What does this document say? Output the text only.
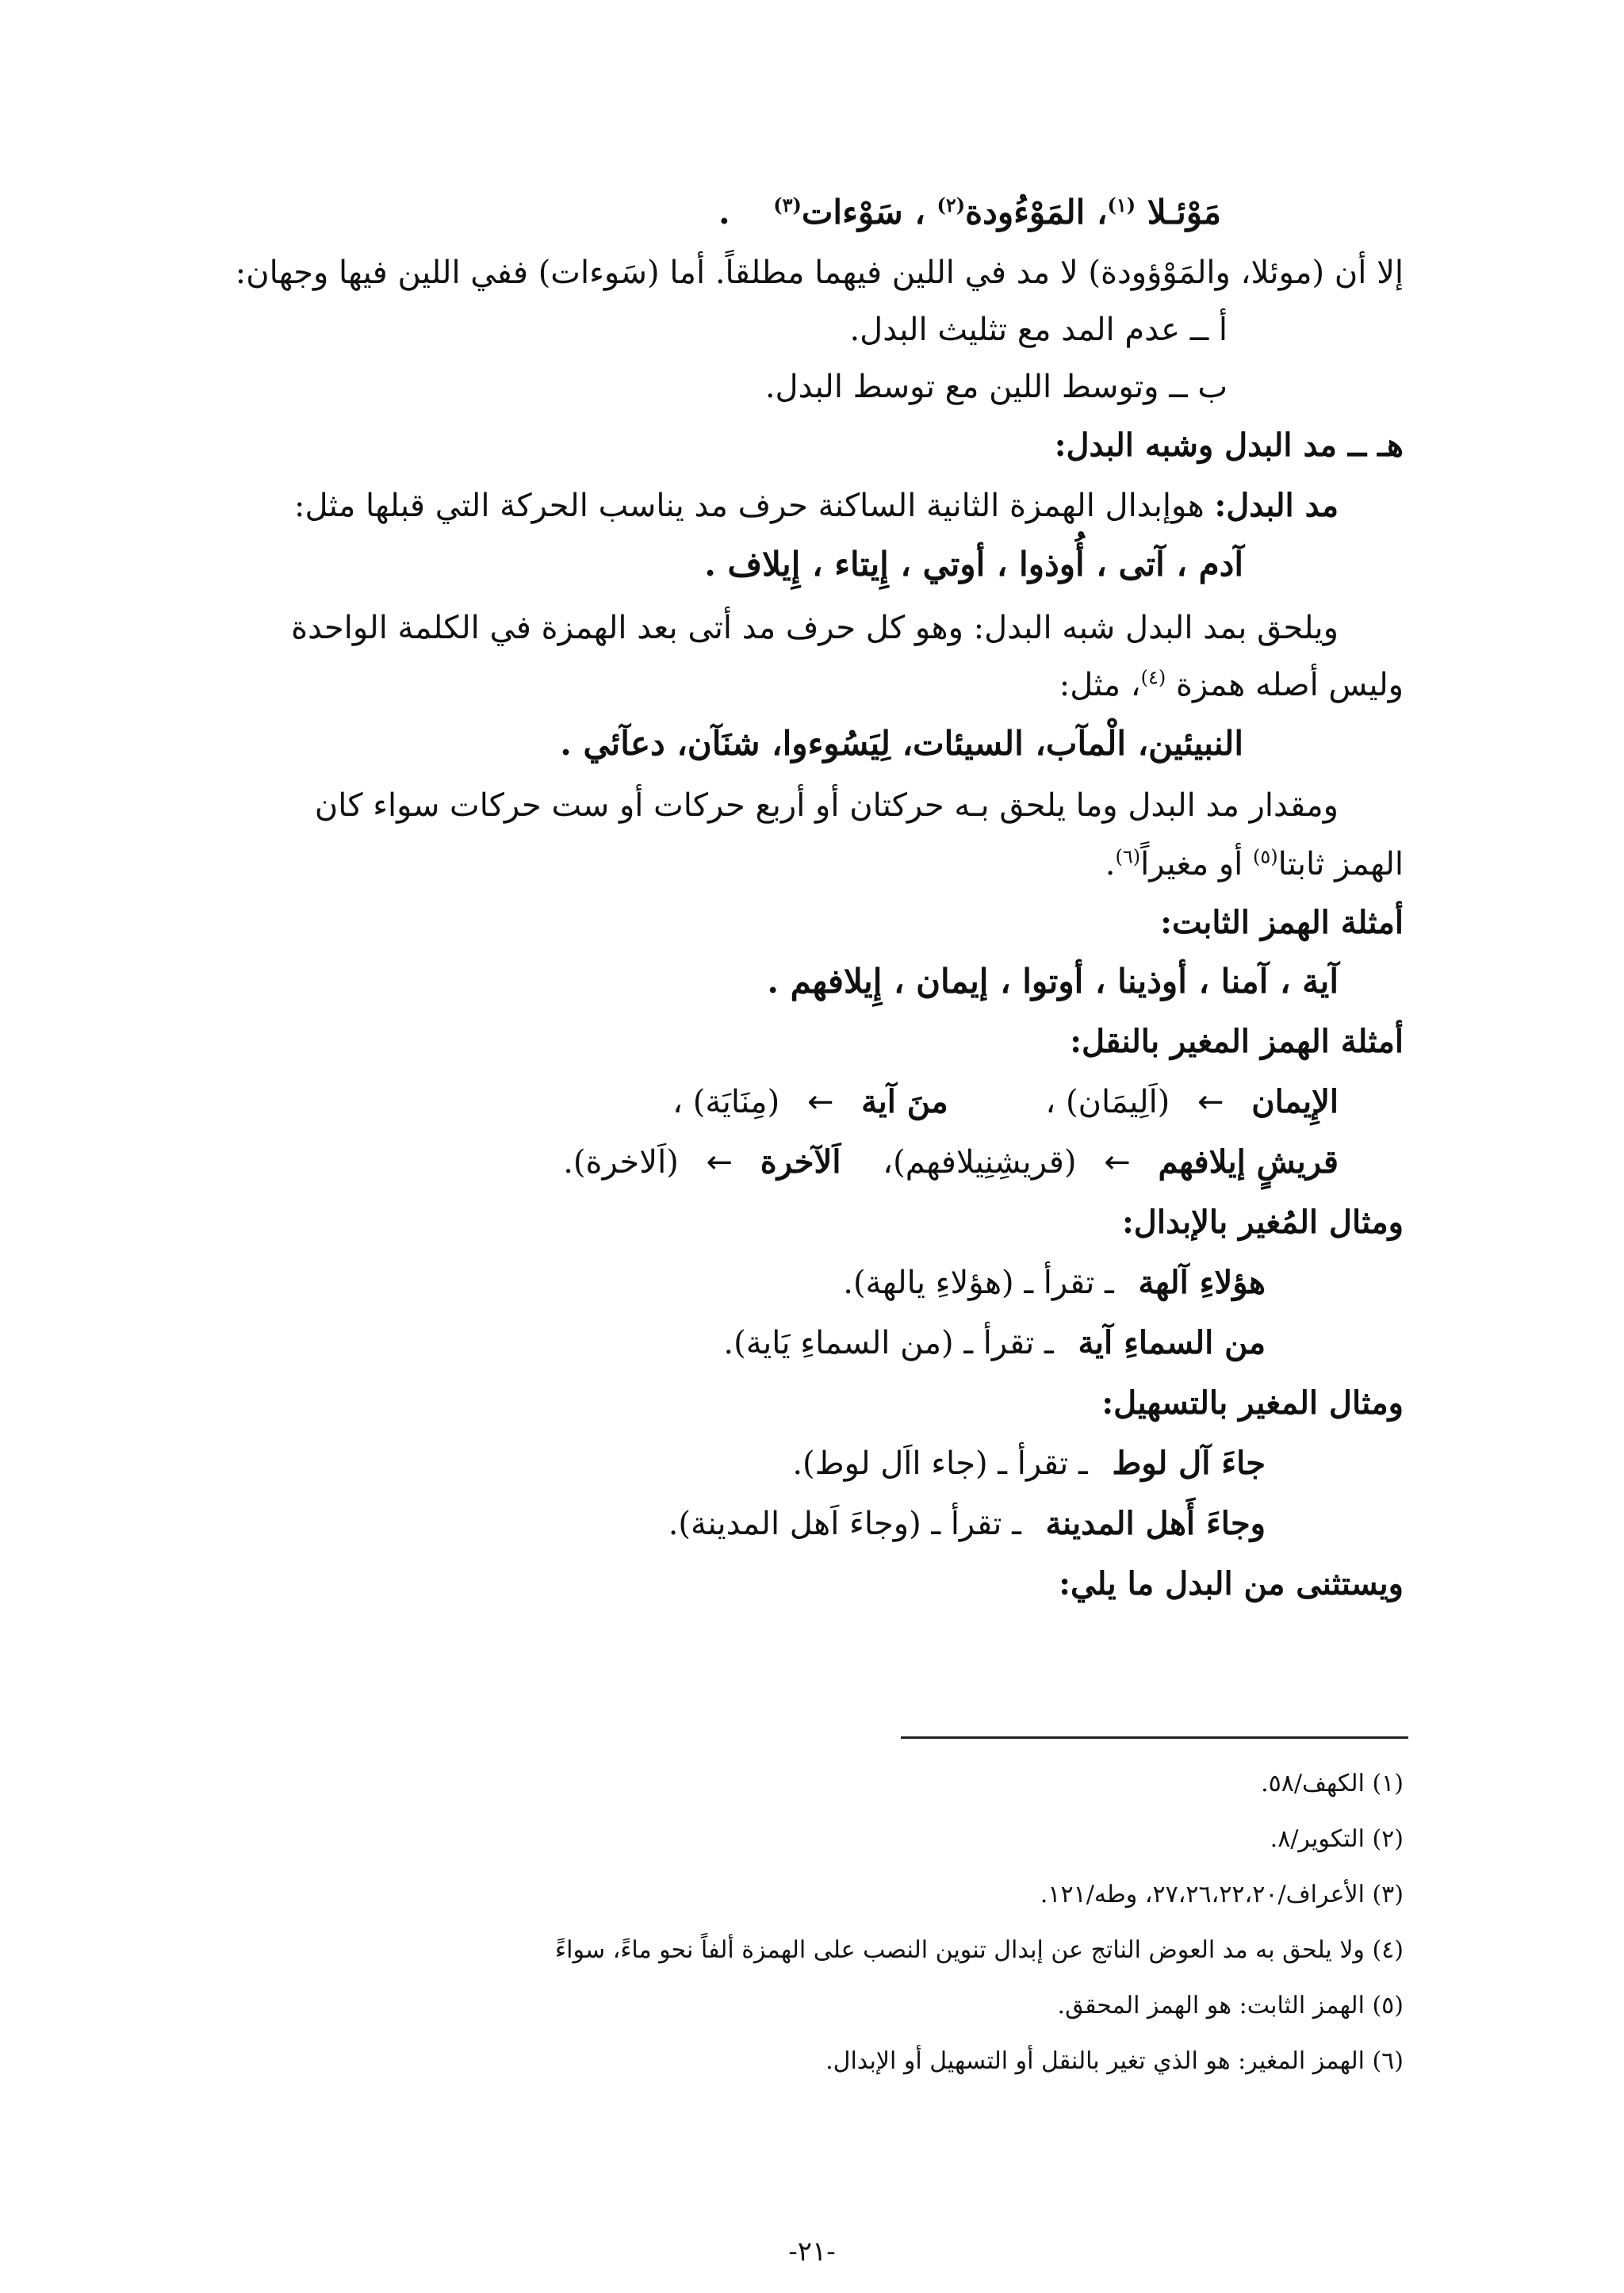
مَوْئـلا $^{(١)}$، المَوْءُودة$^{(٢)}$ ، سَوْءات$^{(٣)}$ .
إلا أن (موئلا، والمَوْؤودة) لا مد في اللين فيهما مطلقاً. أما (سَوءات) ففي اللين فيها وجهان:
أ ــ عدم المد مع تثليث البدل.
ب ــ وتوسط اللين مع توسط البدل.
هـ ــ مد البدل وشبه البدل:
مد البدل: هوإبدال الهمزة الثانية الساكنة حرف مد يناسب الحركة التي قبلها مثل:
آدم ، آتى ، أُوذوا ، أوتي ، إِيتاء ، إِيلاف .
ويلحق بمد البدل شبه البدل: وهو كل حرف مد أتى بعد الهمزة في الكلمة الواحدة
وليس أصله همزة $^{(٤)}$، مثل:
النبيئين، الْمآب، السيئات، لِيَسُوءوا، شنَآن، دعآئي .
ومقدار مد البدل وما يلحق بـه حركتان أو أربع حركات أو ست حركات سواء كان
الهمز ثابتا$^{(٥)}$ أو مغيراً$^{(٦)}$.
أمثلة الهمز الثابت:
آية ، آمنا ، أوذينا ، أوتوا ، إيمان ، إِيلافهم .
أمثلة الهمز المغير بالنقل:
الإِيمان ← (اَلِيمَان) ، منَ آية ← (مِنَايَة) ،
قريشٍ إيلافهم ← (قريشِنِيلافهم)، اَلآخرة ← (اَلاخرة).
ومثال المُغير بالإبدال:
هؤلاءِ آلهة ـ تقرأ ـ (هؤلاءِ يالهة).
من السماءِ آية ـ تقرأ ـ (من السماءِ يَاية).
ومثال المغير بالتسهيل:
جاءَ آل لوط ـ تقرأ ـ (جاء ااَل لوط).
وجاءَ أَهل المدينة ـ تقرأ ـ (وجاءَ اَهل المدينة).
ويستثنى من البدل ما يلي:
(١) الكهف/٥٨.
(٢) التكوير/٨.
(٣) الأعراف/٢٧،٢٦،٢٢،٢٠، وطه/١٢١.
(٤) ولا يلحق به مد العوض الناتج عن إبدال تنوين النصب على الهمزة ألفاً نحو ماءً، سواءً
(٥) الهمز الثابت: هو الهمز المحقق.
(٦) الهمز المغير: هو الذي تغير بالنقل أو التسهيل أو الإبدال.
-٢١-
